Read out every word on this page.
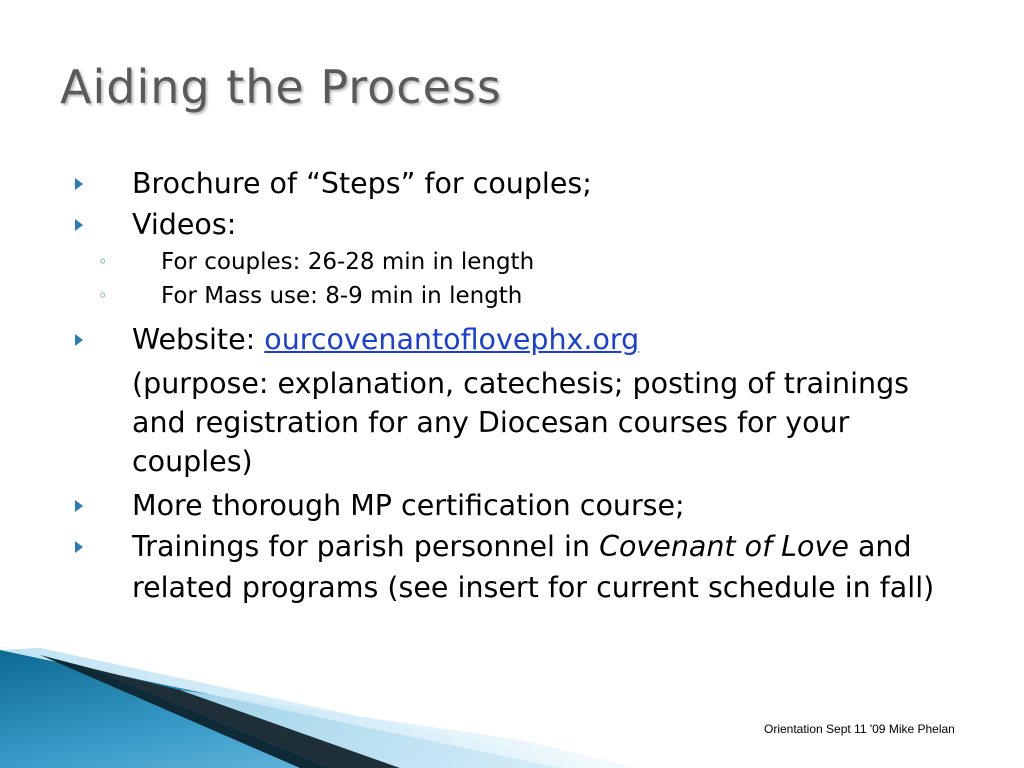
Aiding the Process
Brochure of “Steps” for couples;
Videos:
◦ For couples: 26-28 min in length
◦ For Mass use: 8-9 min in length
Website: ourcovenantoflovephx.org
(purpose: explanation, catechesis; posting of trainings and registration for any Diocesan courses for your couples)
More thorough MP certification course;
Trainings for parish personnel in Covenant of Love and related programs (see insert for current schedule in fall)
Orientation Sept 11 '09 Mike Phelan
